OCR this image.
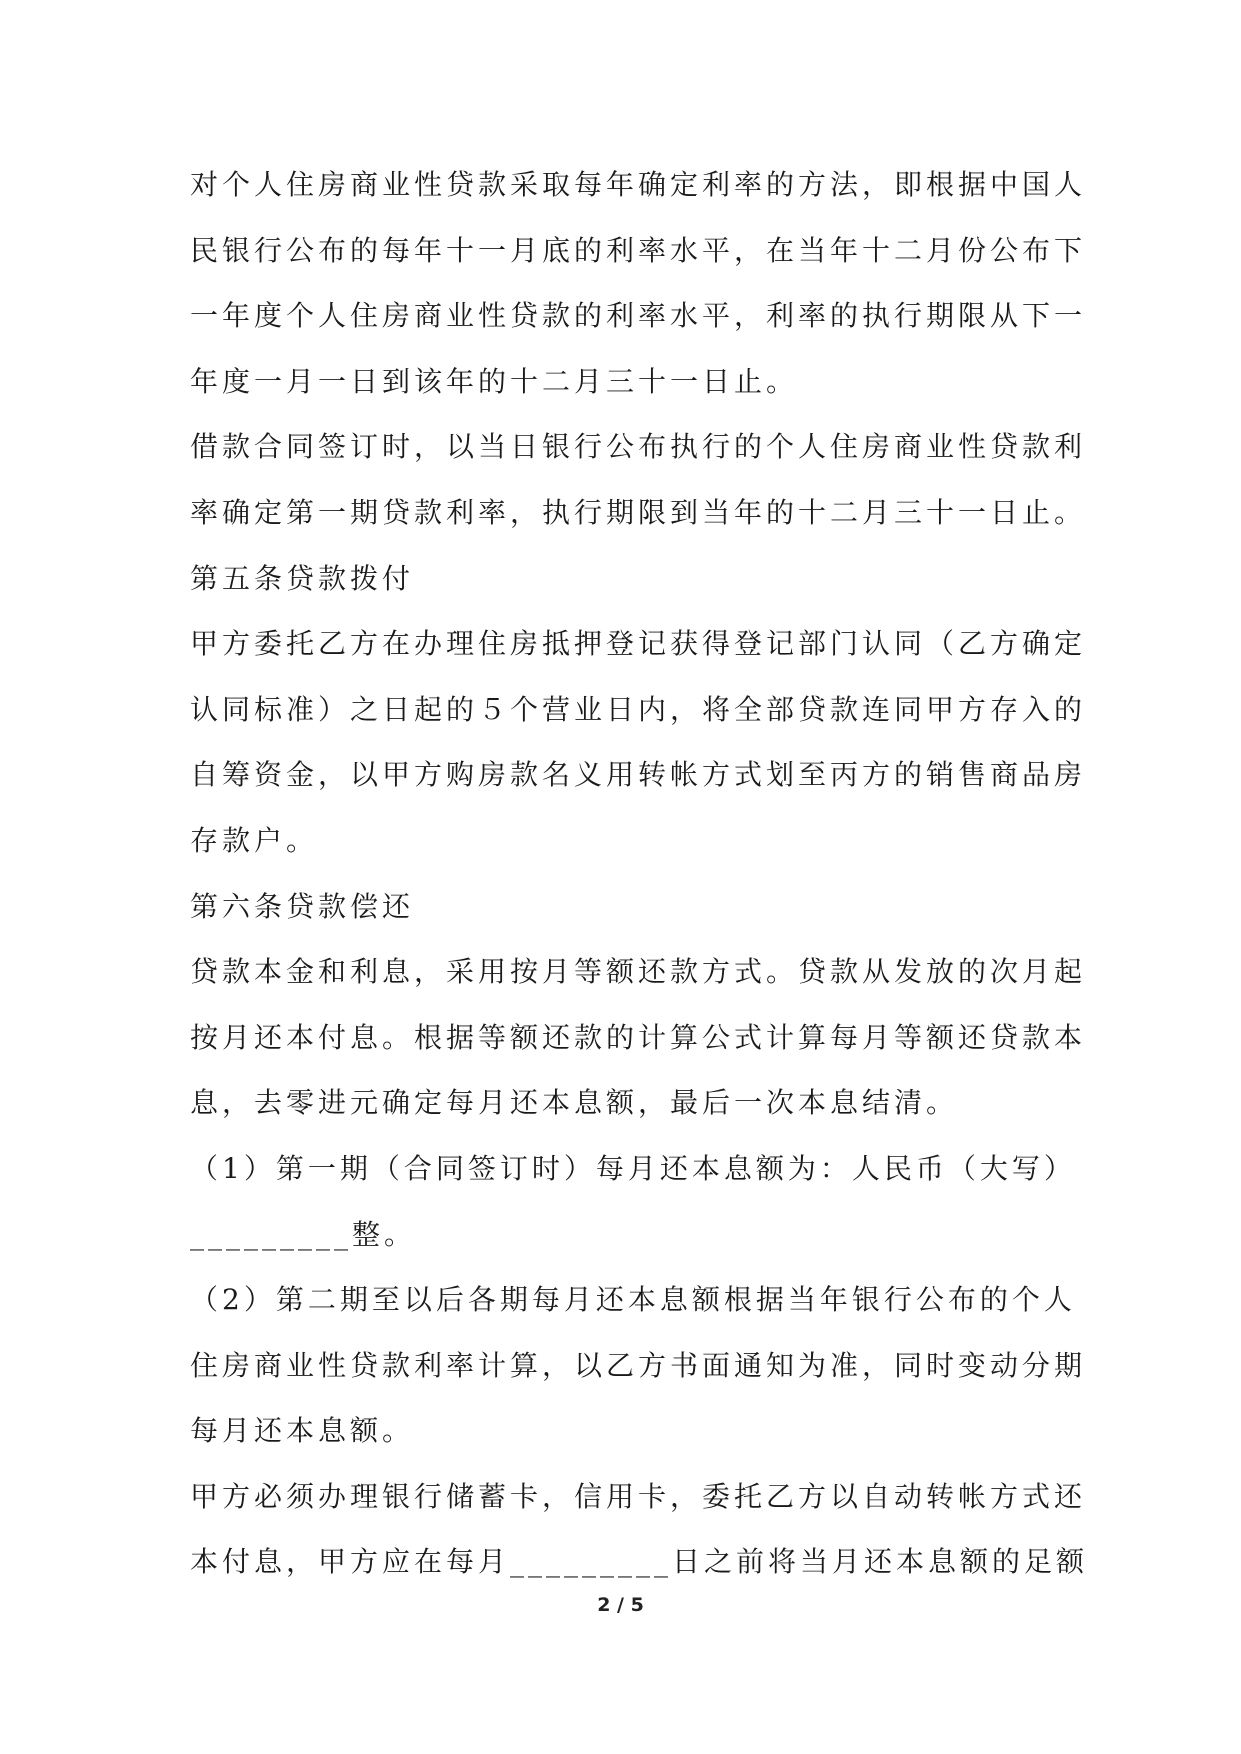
对个人住房商业性贷款采取每年确定利率的方法，即根据中国人
民银行公布的每年十一月底的利率水平，在当年十二月份公布下
一年度个人住房商业性贷款的利率水平，利率的执行期限从下一
年度一月一日到该年的十二月三十一日止。
借款合同签订时，以当日银行公布执行的个人住房商业性贷款利
率确定第一期贷款利率，执行期限到当年的十二月三十一日止。
第五条贷款拨付
甲方委托乙方在办理住房抵押登记获得登记部门认同（乙方确定
认同标准）之日起的５个营业日内，将全部贷款连同甲方存入的
自筹资金，以甲方购房款名义用转帐方式划至丙方的销售商品房
存款户。
第六条贷款偿还
贷款本金和利息，采用按月等额还款方式。贷款从发放的次月起
按月还本付息。根据等额还款的计算公式计算每月等额还贷款本
息，去零进元确定每月还本息额，最后一次本息结清。
（1）第一期（合同签订时）每月还本息额为：人民币（大写）
_________整。
（2）第二期至以后各期每月还本息额根据当年银行公布的个人
住房商业性贷款利率计算，以乙方书面通知为准，同时变动分期
每月还本息额。
甲方必须办理银行储蓄卡，信用卡，委托乙方以自动转帐方式还
本付息，甲方应在每月_________日之前将当月还本息额的足额
2 / 5
